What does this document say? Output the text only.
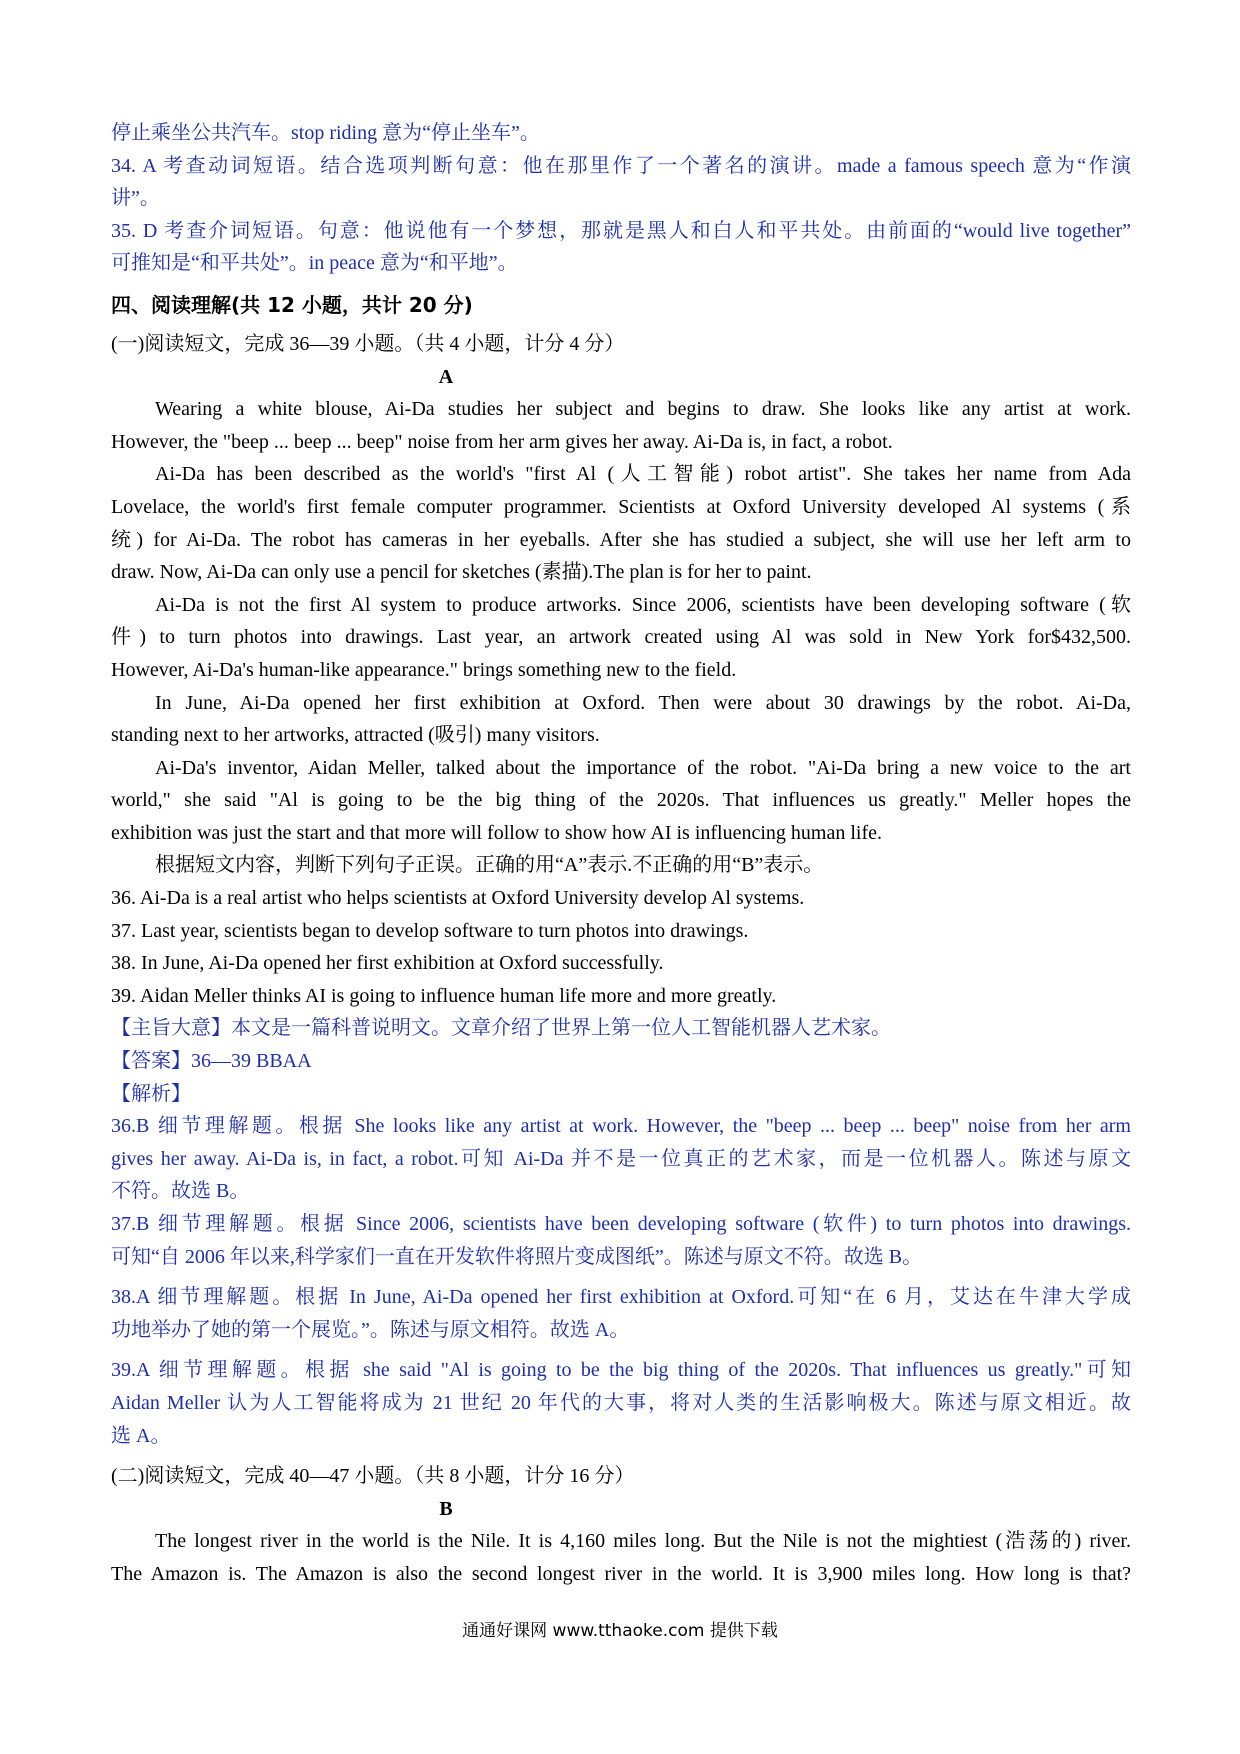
停止乘坐公共汽车。stop riding 意为“停止坐车”。
34. A 考查动词短语。结合选项判断句意：他在那里作了一个著名的演讲。made a famous speech 意为“作演
讲”。
35. D 考查介词短语。句意：他说他有一个梦想，那就是黑人和白人和平共处。由前面的“would live together”
可推知是“和平共处”。in peace 意为“和平地”。
四、阅读理解(共 12 小题，共计 20 分)
(一)阅读短文，完成 36—39 小题。（共 4 小题，计分 4 分）
A
Wearing a white blouse, Ai-Da studies her subject and begins to draw. She looks like any artist at work.
However, the "beep ... beep ... beep" noise from her arm gives her away. Ai-Da is, in fact, a robot.
Ai-Da has been described as the world's "first Al (人工智能) robot artist". She takes her name from Ada
Lovelace, the world's first female computer programmer. Scientists at Oxford University developed Al systems (系
统) for Ai-Da. The robot has cameras in her eyeballs. After she has studied a subject, she will use her left arm to
draw. Now, Ai-Da can only use a pencil for sketches (素描).The plan is for her to paint.
Ai-Da is not the first Al system to produce artworks. Since 2006, scientists have been developing software (软
件) to turn photos into drawings. Last year, an artwork created using Al was sold in New York for$432,500.
However, Ai-Da's human-like appearance." brings something new to the field.
In June, Ai-Da opened her first exhibition at Oxford. Then were about 30 drawings by the robot. Ai-Da,
standing next to her artworks, attracted (吸引) many visitors.
Ai-Da's inventor, Aidan Meller, talked about the importance of the robot. "Ai-Da bring a new voice to the art
world," she said "Al is going to be the big thing of the 2020s. That influences us greatly." Meller hopes the
exhibition was just the start and that more will follow to show how AI is influencing human life.
根据短文内容，判断下列句子正误。正确的用“A”表示.不正确的用“B”表示。
36. Ai-Da is a real artist who helps scientists at Oxford University develop Al systems.
37. Last year, scientists began to develop software to turn photos into drawings.
38. In June, Ai-Da opened her first exhibition at Oxford successfully.
39. Aidan Meller thinks AI is going to influence human life more and more greatly.
【主旨大意】本文是一篇科普说明文。文章介绍了世界上第一位人工智能机器人艺术家。
【答案】36—39 BBAA
【解析】
36.B 细节理解题。根据 She looks like any artist at work. However, the "beep ... beep ... beep" noise from her arm
gives her away. Ai-Da is, in fact, a robot.可知 Ai-Da 并不是一位真正的艺术家，而是一位机器人。陈述与原文
不符。故选 B。
37.B 细节理解题。根据 Since 2006, scientists have been developing software (软件) to turn photos into drawings.
可知“自 2006 年以来,科学家们一直在开发软件将照片变成图纸”。陈述与原文不符。故选 B。
38.A 细节理解题。根据 In June, Ai-Da opened her first exhibition at Oxford.可知“在 6 月，艾达在牛津大学成
功地举办了她的第一个展览。”。陈述与原文相符。故选 A。
39.A 细节理解题。根据 she said "Al is going to be the big thing of the 2020s. That influences us greatly."可知
Aidan Meller 认为人工智能将成为 21 世纪 20 年代的大事，将对人类的生活影响极大。陈述与原文相近。故
选 A。
(二)阅读短文，完成 40—47 小题。（共 8 小题，计分 16 分）
B
The longest river in the world is the Nile. It is 4,160 miles long. But the Nile is not the mightiest (浩荡的) river.
The Amazon is. The Amazon is also the second longest river in the world. It is 3,900 miles long. How long is that?
通通好课网 www.tthaoke.com 提供下载
